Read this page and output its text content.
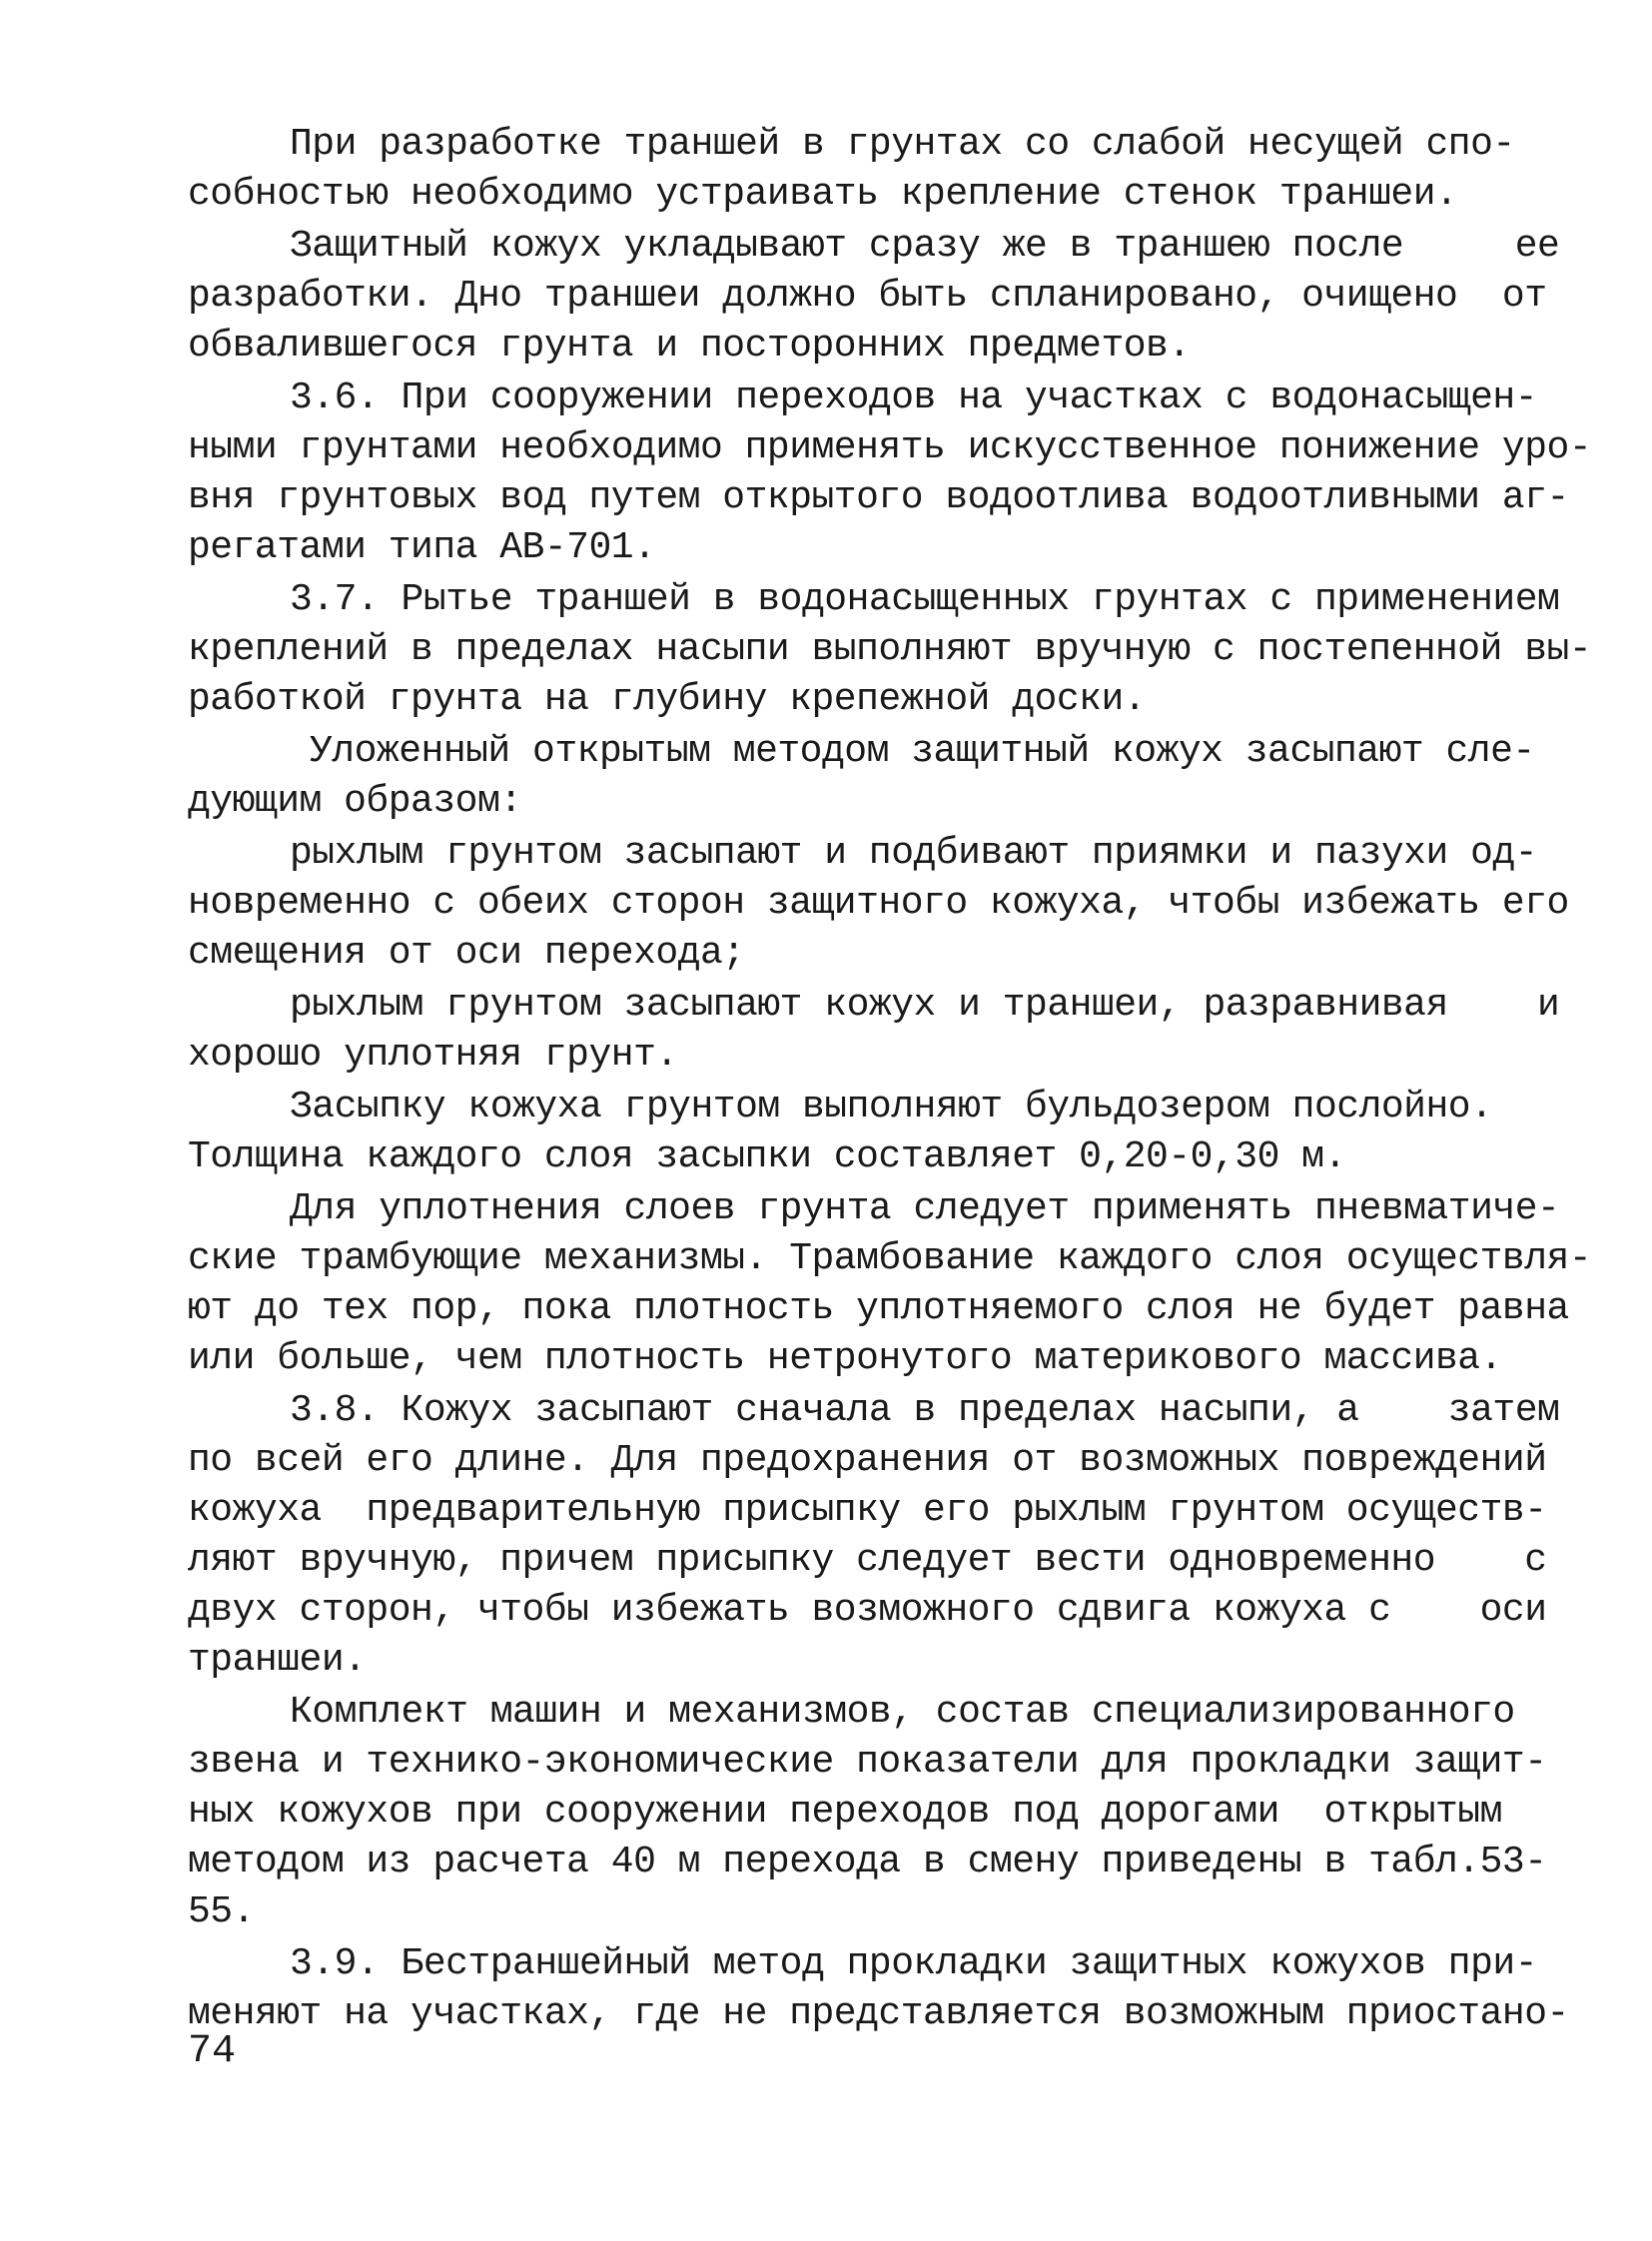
При разработке траншей в грунтах со слабой несущей спо-
собностью необходимо устраивать крепление стенок траншеи.
Защитный кожух укладывают сразу же в траншею после     ее
разработки. Дно траншеи должно быть спланировано, очищено  от
обвалившегося грунта и посторонних предметов.
3.6. При сооружении переходов на участках с водонасыщен-
ными грунтами необходимо применять искусственное понижение уро-
вня грунтовых вод путем открытого водоотлива водоотливными аг-
регатами типа АВ-701.
3.7. Рытье траншей в водонасыщенных грунтах с применением
креплений в пределах насыпи выполняют вручную с постепенной вы-
работкой грунта на глубину крепежной доски.
Уложенный открытым методом защитный кожух засыпают сле-
дующим образом:
рыхлым грунтом засыпают и подбивают приямки и пазухи од-
новременно с обеих сторон защитного кожуха, чтобы избежать его
смещения от оси перехода;
рыхлым грунтом засыпают кожух и траншеи, разравнивая    и
хорошо уплотняя грунт.
Засыпку кожуха грунтом выполняют бульдозером послойно.
Толщина каждого слоя засыпки составляет 0,20-0,30 м.
Для уплотнения слоев грунта следует применять пневматиче-
ские трамбующие механизмы. Трамбование каждого слоя осуществля-
ют до тех пор, пока плотность уплотняемого слоя не будет равна
или больше, чем плотность нетронутого материкового массива.
3.8. Кожух засыпают сначала в пределах насыпи, а    затем
по всей его длине. Для предохранения от возможных повреждений
кожуха  предварительную присыпку его рыхлым грунтом осуществ-
ляют вручную, причем присыпку следует вести одновременно    с
двух сторон, чтобы избежать возможного сдвига кожуха с    оси
траншеи.
Комплект машин и механизмов, состав специализированного
звена и технико-экономические показатели для прокладки защит-
ных кожухов при сооружении переходов под дорогами  открытым
методом из расчета 40 м перехода в смену приведены в табл.53-
55.
3.9. Бестраншейный метод прокладки защитных кожухов при-
меняют на участках, где не представляется возможным приостано-
74
